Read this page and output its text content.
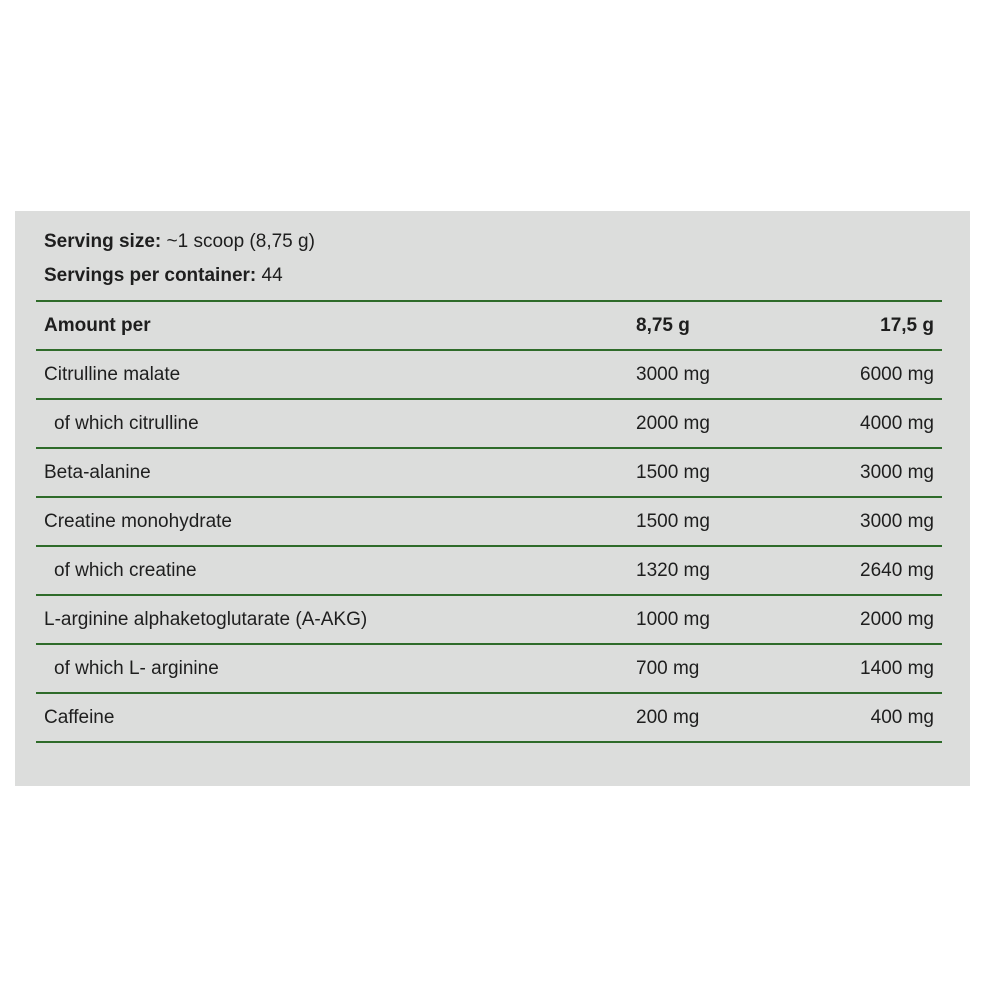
Serving size: ~1 scoop (8,75 g)
Servings per container: 44
Amount per	8,75 g	17,5 g
Citrulline malate	3000 mg	6000 mg
of which citrulline	2000 mg	4000 mg
Beta-alanine	1500 mg	3000 mg
Creatine monohydrate	1500 mg	3000 mg
of which creatine	1320 mg	2640 mg
L-arginine alphaketoglutarate (A-AKG)	1000 mg	2000 mg
of which L- arginine	700 mg	1400 mg
Caffeine	200 mg	400 mg
